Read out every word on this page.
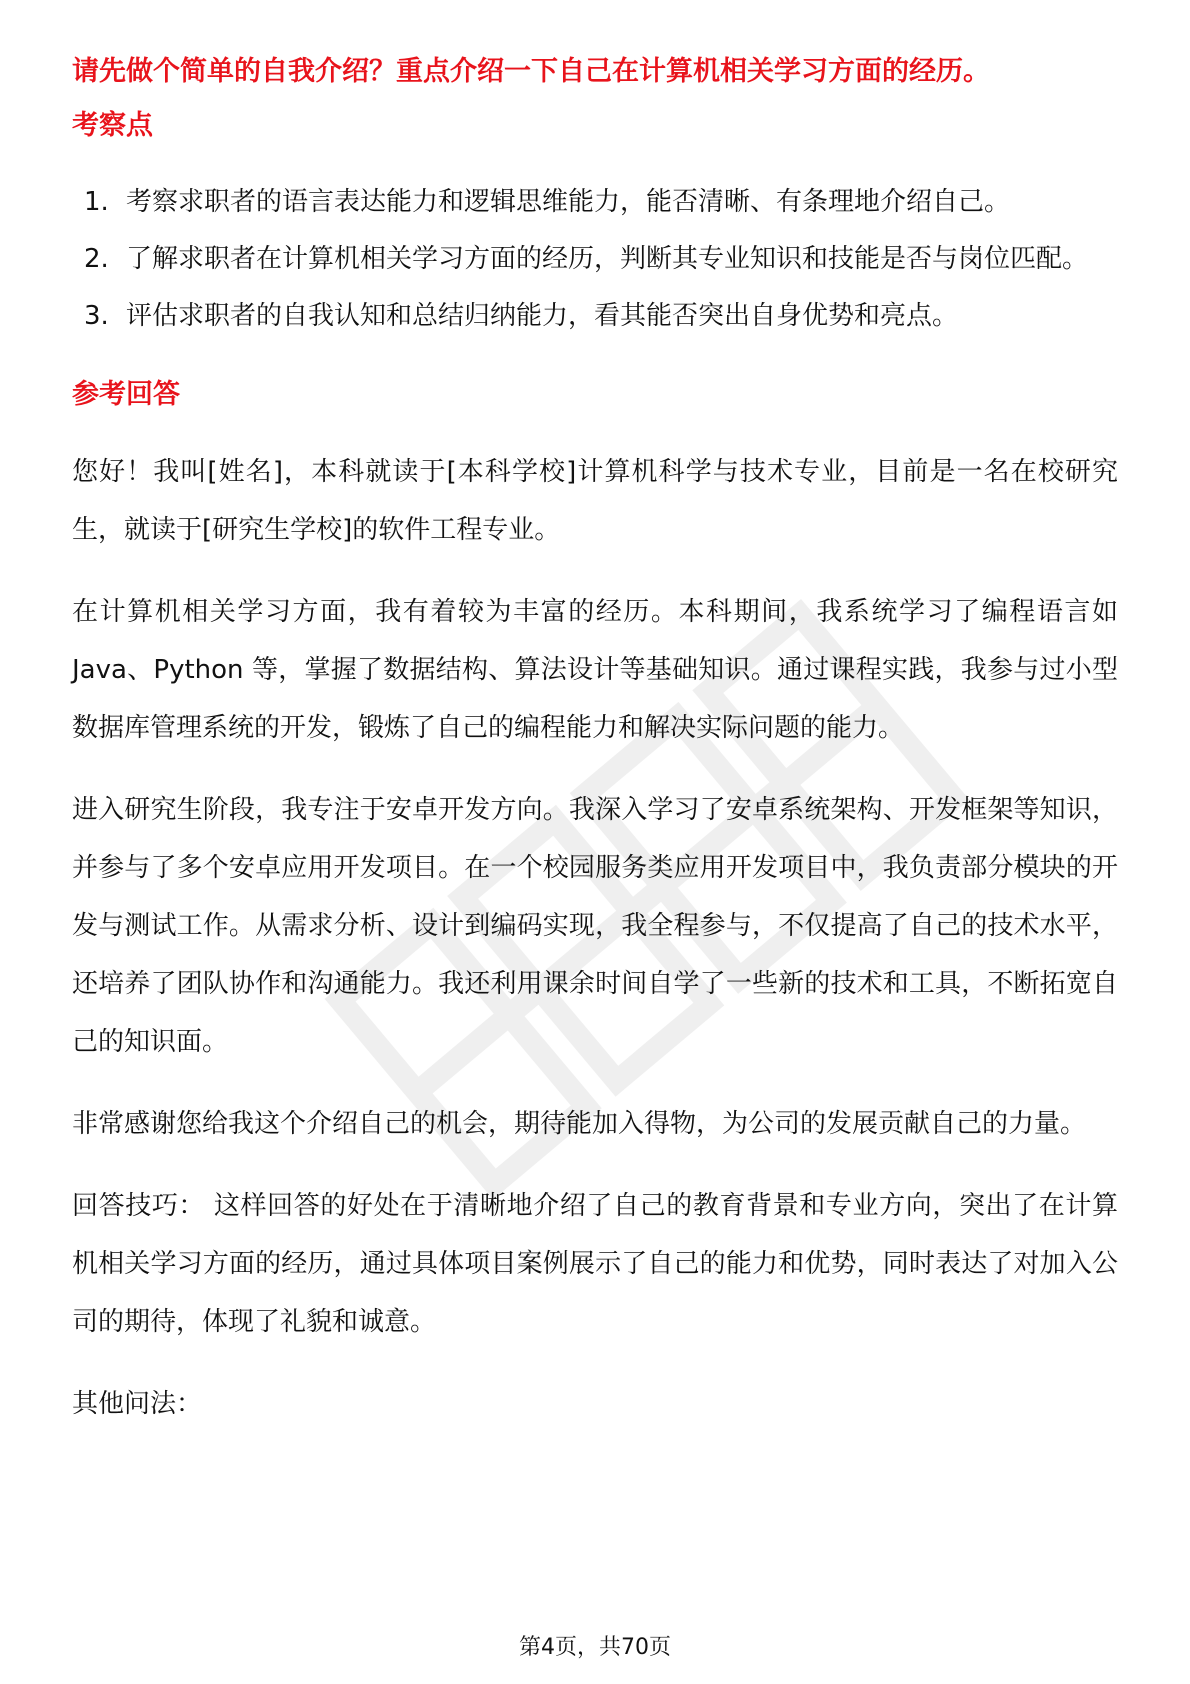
请先做个简单的自我介绍？重点介绍一下自己在计算机相关学习方面的经历。

考察点

1. 考察求职者的语言表达能力和逻辑思维能力，能否清晰、有条理地介绍自己。
2. 了解求职者在计算机相关学习方面的经历，判断其专业知识和技能是否与岗位匹配。
3. 评估求职者的自我认知和总结归纳能力，看其能否突出自身优势和亮点。

参考回答

您好！我叫[姓名]，本科就读于[本科学校]计算机科学与技术专业，目前是一名在校研究生，就读于[研究生学校]的软件工程专业。

在计算机相关学习方面，我有着较为丰富的经历。本科期间，我系统学习了编程语言如 Java、Python 等，掌握了数据结构、算法设计等基础知识。通过课程实践，我参与过小型数据库管理系统的开发，锻炼了自己的编程能力和解决实际问题的能力。

进入研究生阶段，我专注于安卓开发方向。我深入学习了安卓系统架构、开发框架等知识，并参与了多个安卓应用开发项目。在一个校园服务类应用开发项目中，我负责部分模块的开发与测试工作。从需求分析、设计到编码实现，我全程参与，不仅提高了自己的技术水平，还培养了团队协作和沟通能力。我还利用课余时间自学了一些新的技术和工具，不断拓宽自己的知识面。

非常感谢您给我这个介绍自己的机会，期待能加入得物，为公司的发展贡献自己的力量。

回答技巧： 这样回答的好处在于清晰地介绍了自己的教育背景和专业方向，突出了在计算机相关学习方面的经历，通过具体项目案例展示了自己的能力和优势，同时表达了对加入公司的期待，体现了礼貌和诚意。

其他问法：

第4页，共70页
